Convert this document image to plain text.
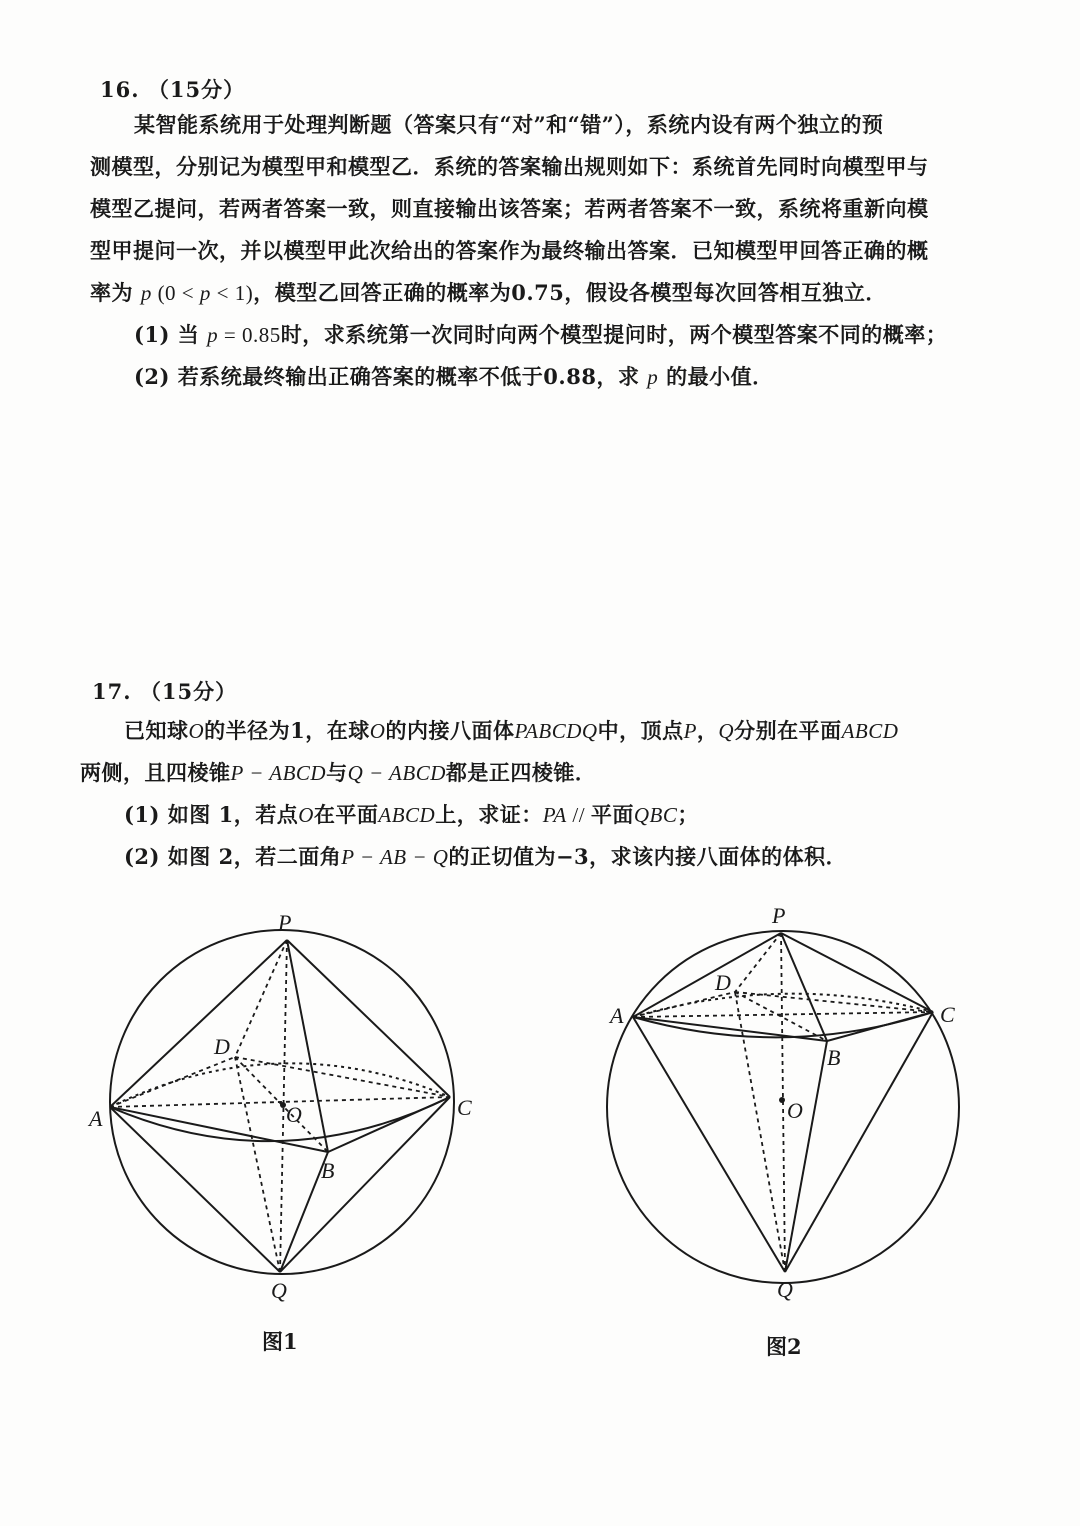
16. （15分）
某智能系统用于处理判断题（答案只有“对”和“错”），系统内设有两个独立的预
测模型，分别记为模型甲和模型乙．系统的答案输出规则如下：系统首先同时向模型甲与
模型乙提问，若两者答案一致，则直接输出该答案；若两者答案不一致，系统将重新向模
型甲提问一次，并以模型甲此次给出的答案作为最终输出答案．已知模型甲回答正确的概
率为 p (0 < p < 1)，模型乙回答正确的概率为0.75，假设各模型每次回答相互独立．
(1) 当 p = 0.85时，求系统第一次同时向两个模型提问时，两个模型答案不同的概率；
(2) 若系统最终输出正确答案的概率不低于0.88，求 p 的最小值．
17. （15分）
已知球O的半径为1，在球O的内接八面体PABCDQ中，顶点P，Q分别在平面ABCD
两侧，且四棱锥P − ABCD与Q − ABCD都是正四棱锥．
(1) 如图 1，若点O在平面ABCD上，求证：PA // 平面QBC；
(2) 如图 2，若二面角P − AB − Q的正切值为−3，求该内接八面体的体积．
P
A	C
D
B
O
Q
图1
P
A	C
D
B
O
Q
图2
